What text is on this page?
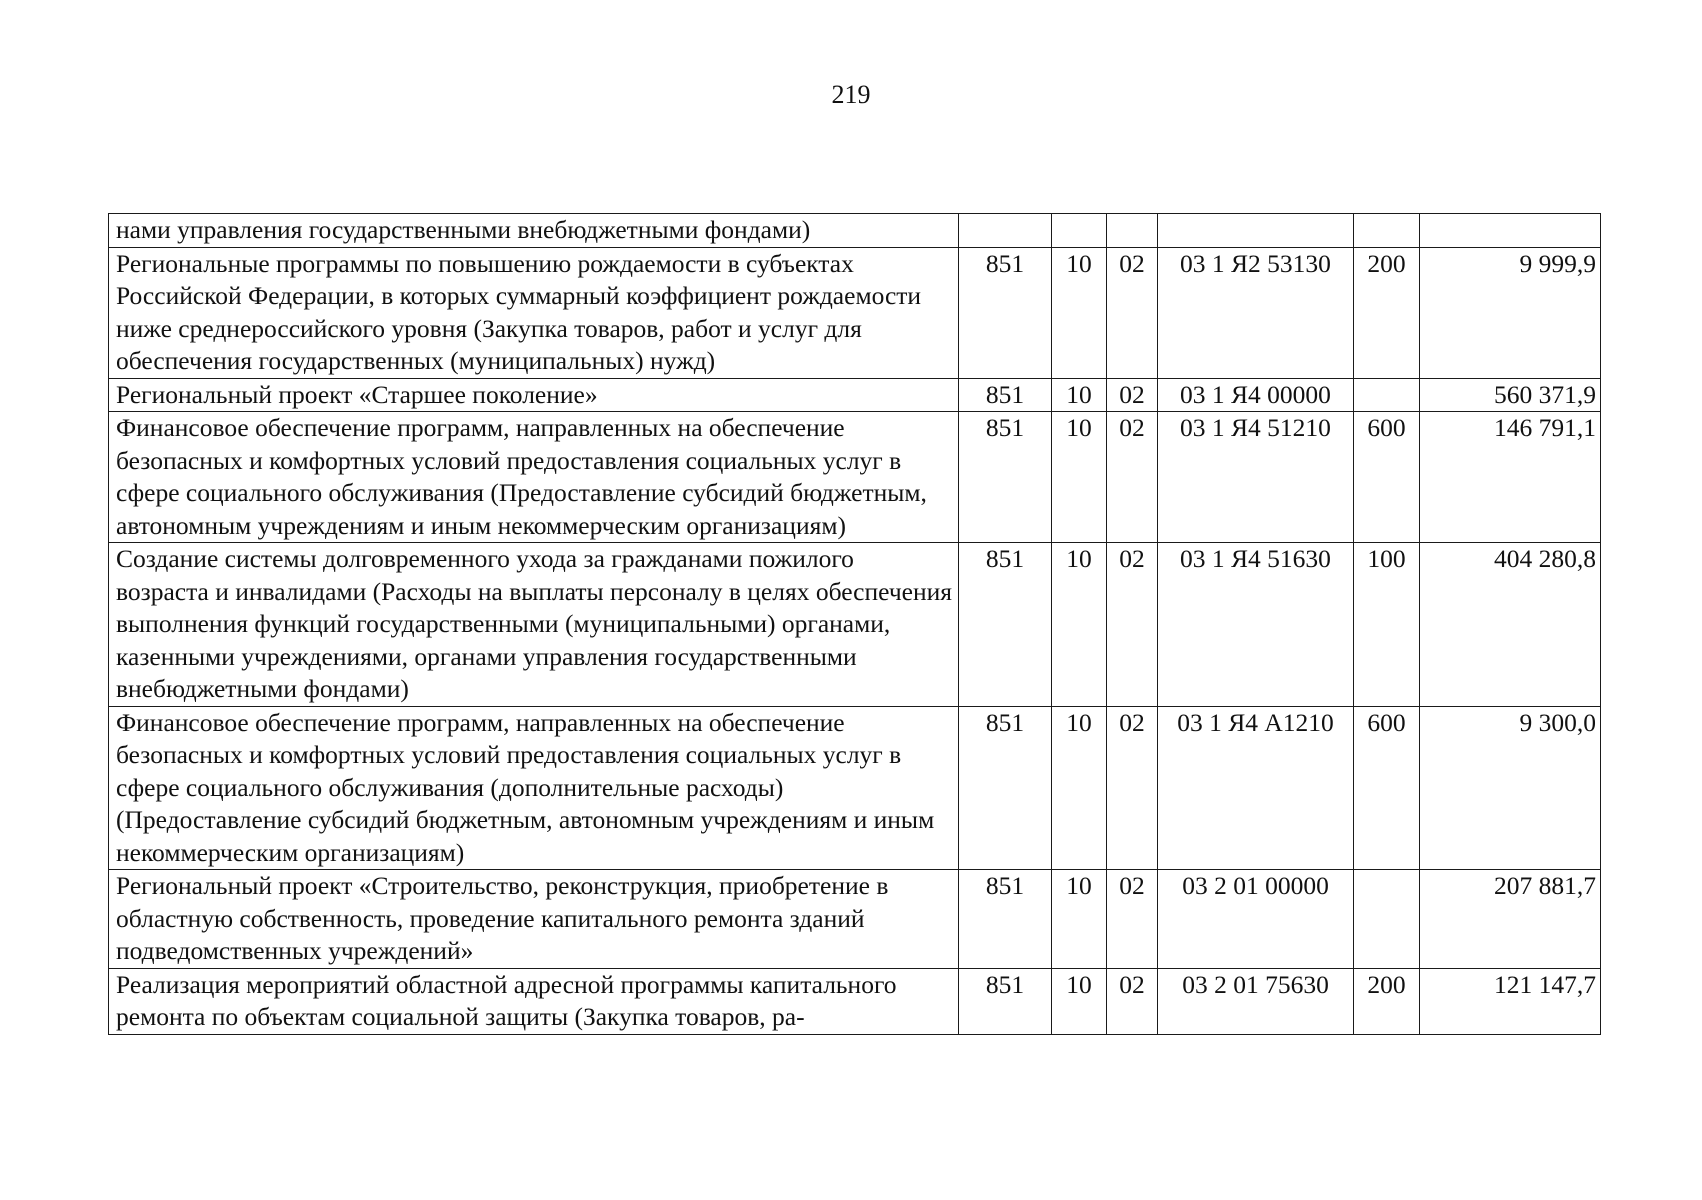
219
нами управления государственными внебюджетными фондами)						
Региональные программы по повышению рождаемости в субъектах Российской Федерации, в которых суммарный коэффициент рождаемости ниже среднероссийского уровня (Закупка товаров, работ и услуг для обеспечения государственных (муниципальных) нужд)	851	10	02	03 1 Я2 53130	200	9 999,9
Региональный проект «Старшее поколение»	851	10	02	03 1 Я4 00000		560 371,9
Финансовое обеспечение программ, направленных на обеспечение безопасных и комфортных условий предоставления социальных услуг в сфере социального обслуживания (Предоставление субсидий бюджетным, автономным учреждениям и иным некоммерческим организациям)	851	10	02	03 1 Я4 51210	600	146 791,1
Создание системы долговременного ухода за гражданами пожилого возраста и инвалидами (Расходы на выплаты персоналу в целях обеспечения выполнения функций государственными (муниципальными) органами, казенными учреждениями, органами управления государственными внебюджетными фондами)	851	10	02	03 1 Я4 51630	100	404 280,8
Финансовое обеспечение программ, направленных на обеспечение безопасных и комфортных условий предоставления социальных услуг в сфере социального обслуживания (дополнительные расходы) (Предоставление субсидий бюджетным, автономным учреждениям и иным некоммерческим организациям)	851	10	02	03 1 Я4 А1210	600	9 300,0
Региональный проект «Строительство, реконструкция, приобретение в областную собственность, проведение капитального ремонта зданий подведомственных учреждений»	851	10	02	03 2 01 00000		207 881,7
Реализация мероприятий областной адресной программы капитального ремонта по объектам социальной защиты (Закупка товаров, ра-	851	10	02	03 2 01 75630	200	121 147,7
